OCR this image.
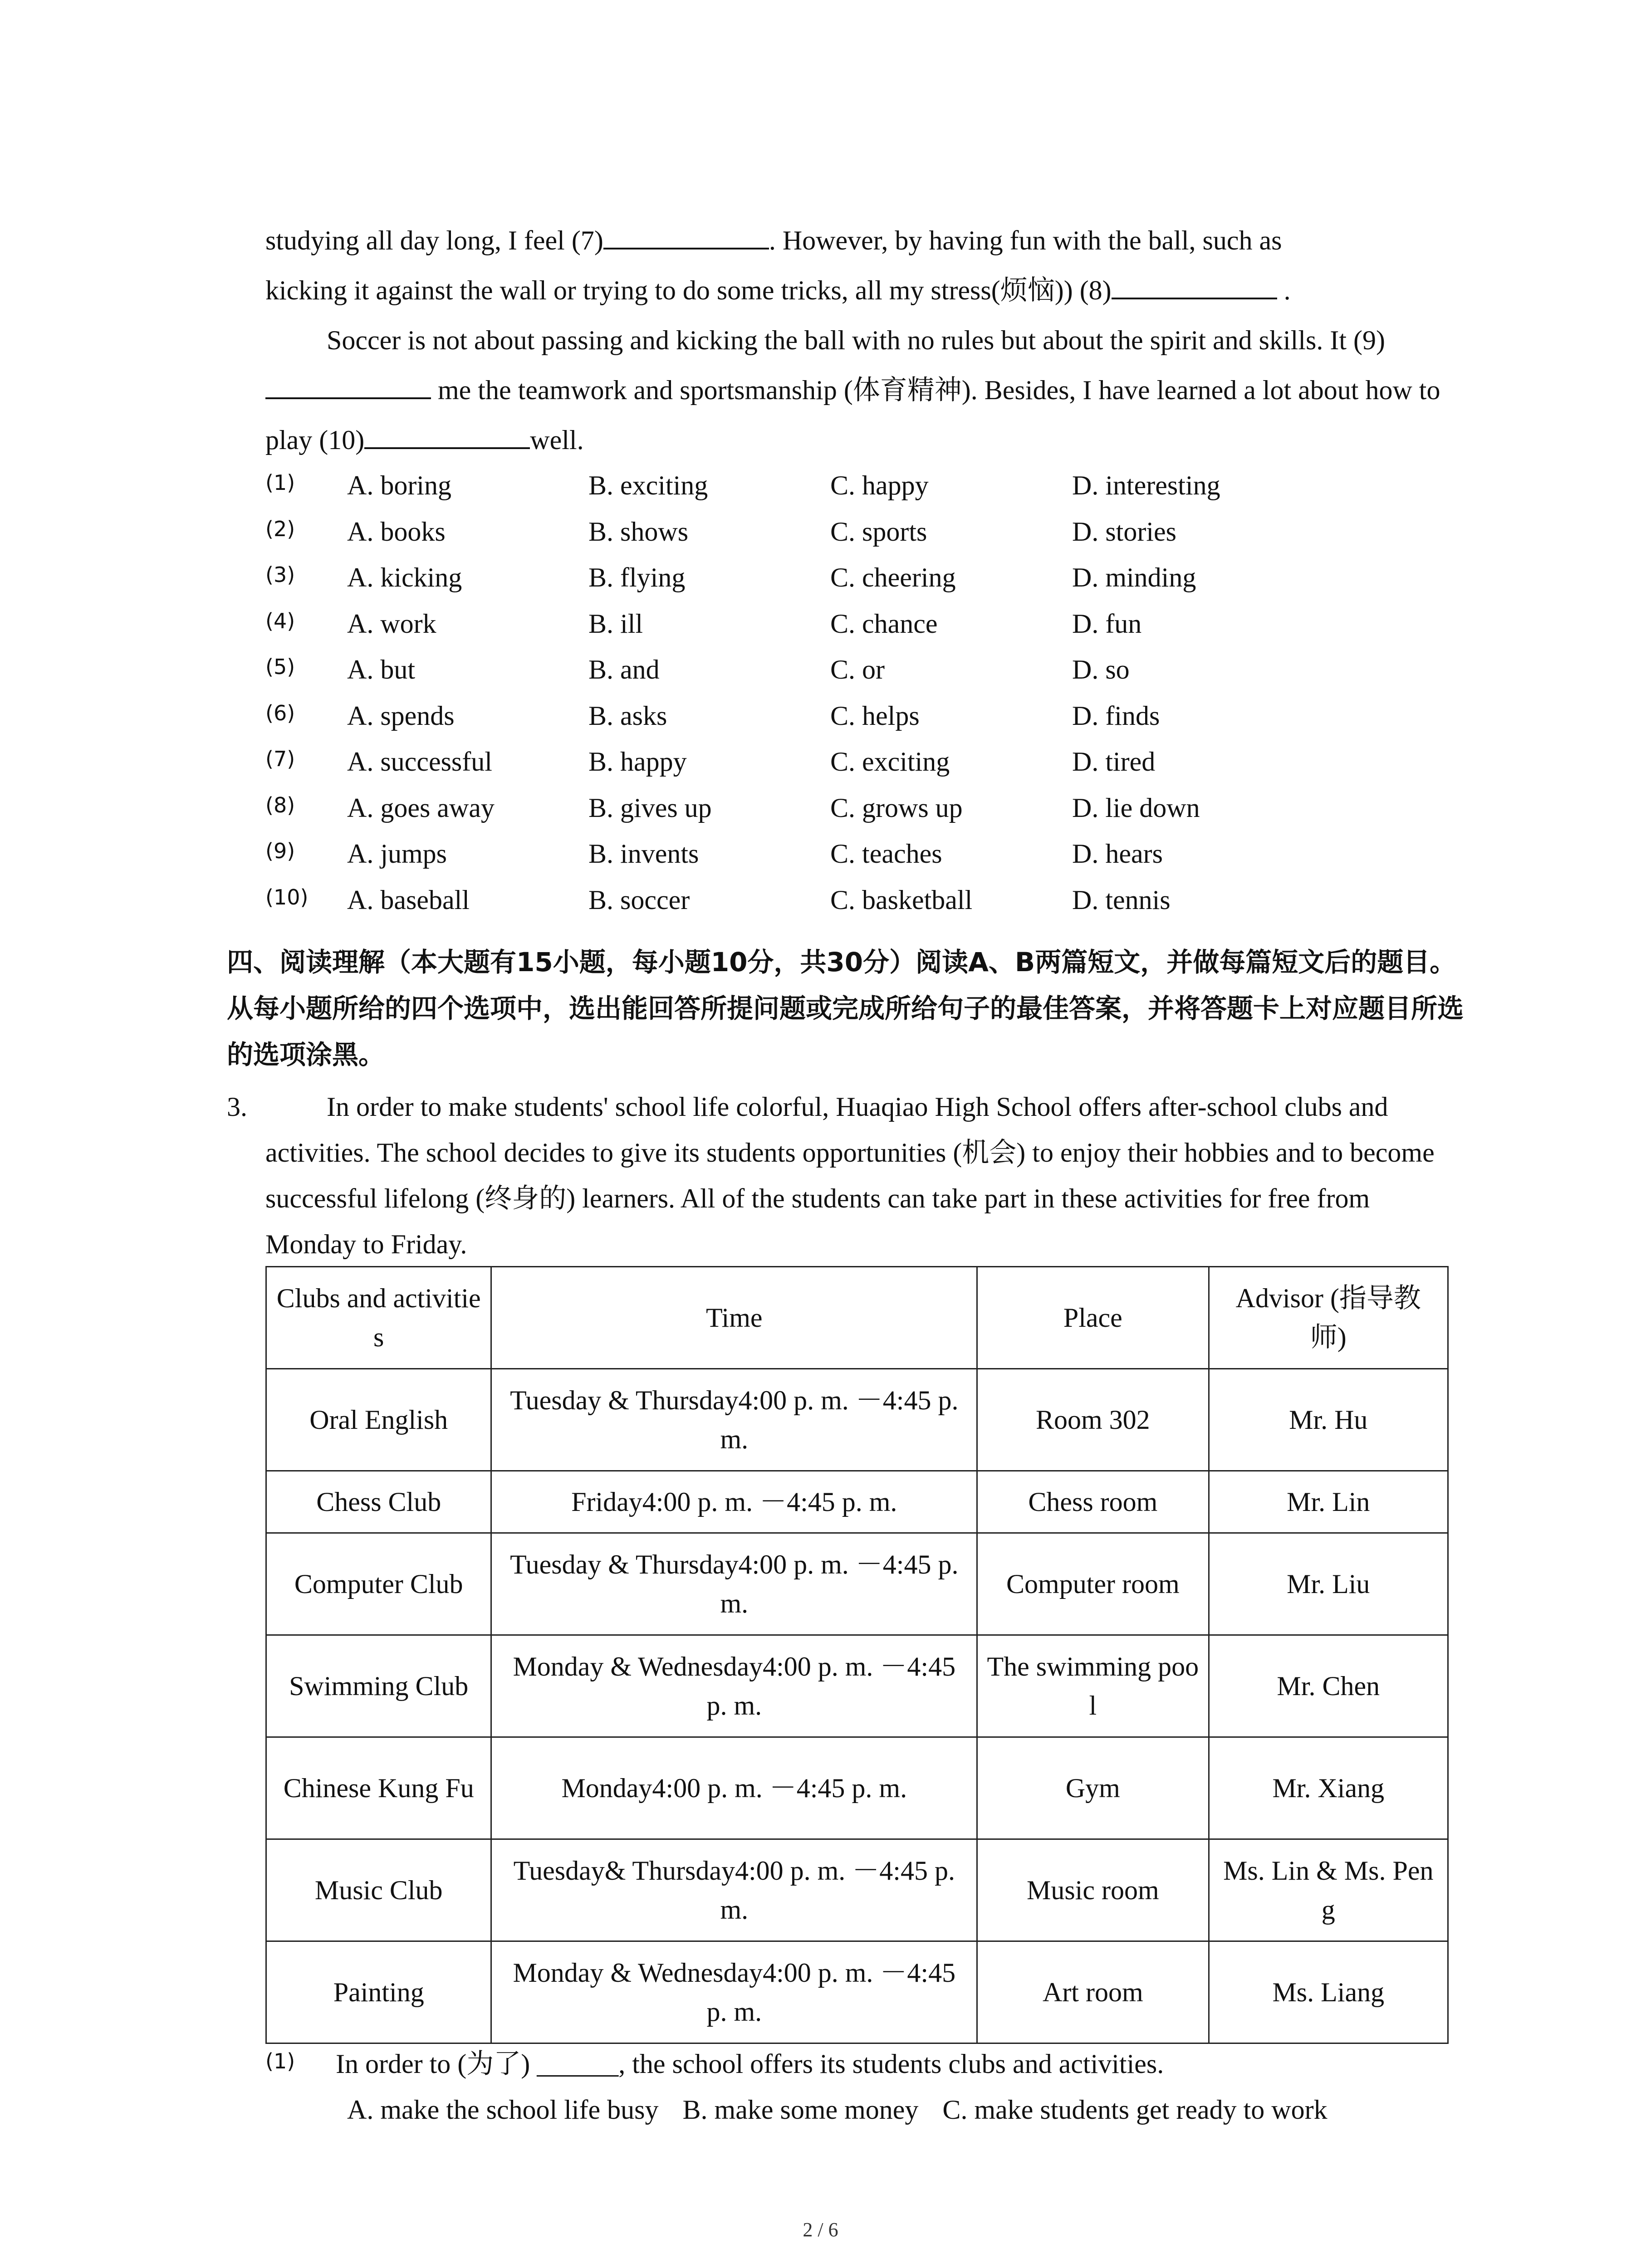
studying all day long, I feel (7)	. However, by having fun with the ball, such as
kicking it against the wall or trying to do some tricks, all my stress(烦恼)) (8)	.
Soccer is not about passing and kicking the ball with no rules but about the spirit and skills. It (9) me the teamwork and sportsmanship (体育精神). Besides, I have learned a lot about how to play (10)	well.
(1) A. boring	B. exciting	C. happy	D. interesting
(2) A. books	B. shows	C. sports	D. stories
(3) A. kicking	B. flying	C. cheering	D. minding
(4) A. work	B. ill	C. chance	D. fun
(5) A. but	B. and	C. or	D. so
(6) A. spends	B. asks	C. helps	D. finds
(7) A. successful	B. happy	C. exciting	D. tired
(8) A. goes away	B. gives up	C. grows up	D. lie down
(9) A. jumps	B. invents	C. teaches	D. hears
(10) A. baseball	B. soccer	C. basketball	D. tennis
四、阅读理解（本大题有15小题，每小题10分，共30分）阅读A、B两篇短文，并做每篇短文后的题目。从每小题所给的四个选项中，选出能回答所提问题或完成所给句子的最佳答案，并将答题卡上对应题目所选的选项涂黑。
3.	In order to make students' school life colorful, Huaqiao High School offers after-school clubs and activities. The school decides to give its students opportunities (机会) to enjoy their hobbies and to become successful lifelong (终身的) learners. All of the students can take part in these activities for free from Monday to Friday.
Clubs and activities	Time	Place	Advisor (指导教师)
Oral English	Tuesday & Thursday4:00 p. m. －4:45 p. m.	Room 302	Mr. Hu
Chess Club	Friday4:00 p. m. －4:45 p. m.	Chess room	Mr. Lin
Computer Club	Tuesday & Thursday4:00 p. m. －4:45 p. m.	Computer room	Mr. Liu
Swimming Club	Monday & Wednesday4:00 p. m. －4:45 p. m.	The swimming pool	Mr. Chen
Chinese Kung Fu	Monday4:00 p. m. －4:45 p. m.	Gym	Mr. Xiang
Music Club	Tuesday& Thursday4:00 p. m. －4:45 p. m.	Music room	Ms. Lin & Ms. Peng
Painting	Monday & Wednesday4:00 p. m. －4:45 p. m.	Art room	Ms. Liang
(1) In order to (为了) ______, the school offers its students clubs and activities.
A. make the school life busy B. make some money C. make students get ready to work
2 / 6
